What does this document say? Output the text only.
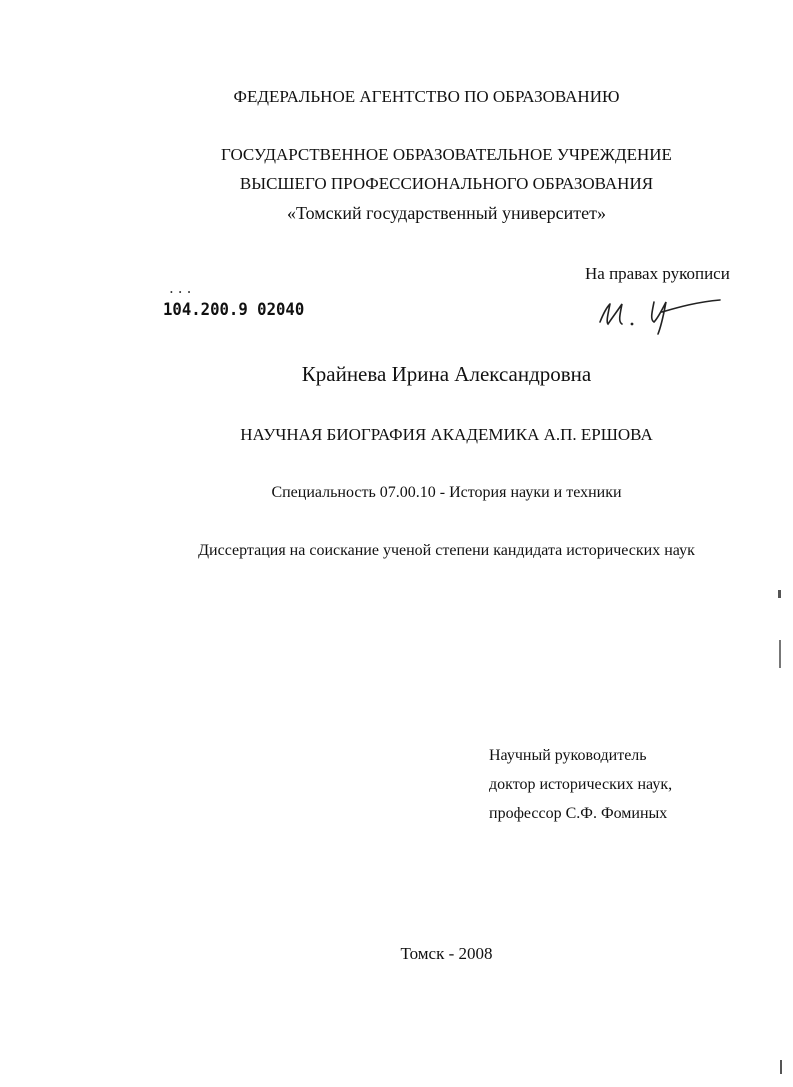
ФЕДЕРАЛЬНОЕ АГЕНТСТВО ПО ОБРАЗОВАНИЮ
ГОСУДАРСТВЕННОЕ ОБРАЗОВАТЕЛЬНОЕ УЧРЕЖДЕНИЕ
ВЫСШЕГО ПРОФЕССИОНАЛЬНОГО ОБРАЗОВАНИЯ
«Томский государственный университет»
На правах рукописи
• • •
104.200.9 02040
Крайнева Ирина Александровна
НАУЧНАЯ БИОГРАФИЯ АКАДЕМИКА А.П. ЕРШОВА
Специальность 07.00.10 - История науки и техники
Диссертация на соискание ученой степени кандидата исторических наук
Научный руководитель
доктор исторических наук,
профессор С.Ф. Фоминых
Томск - 2008
